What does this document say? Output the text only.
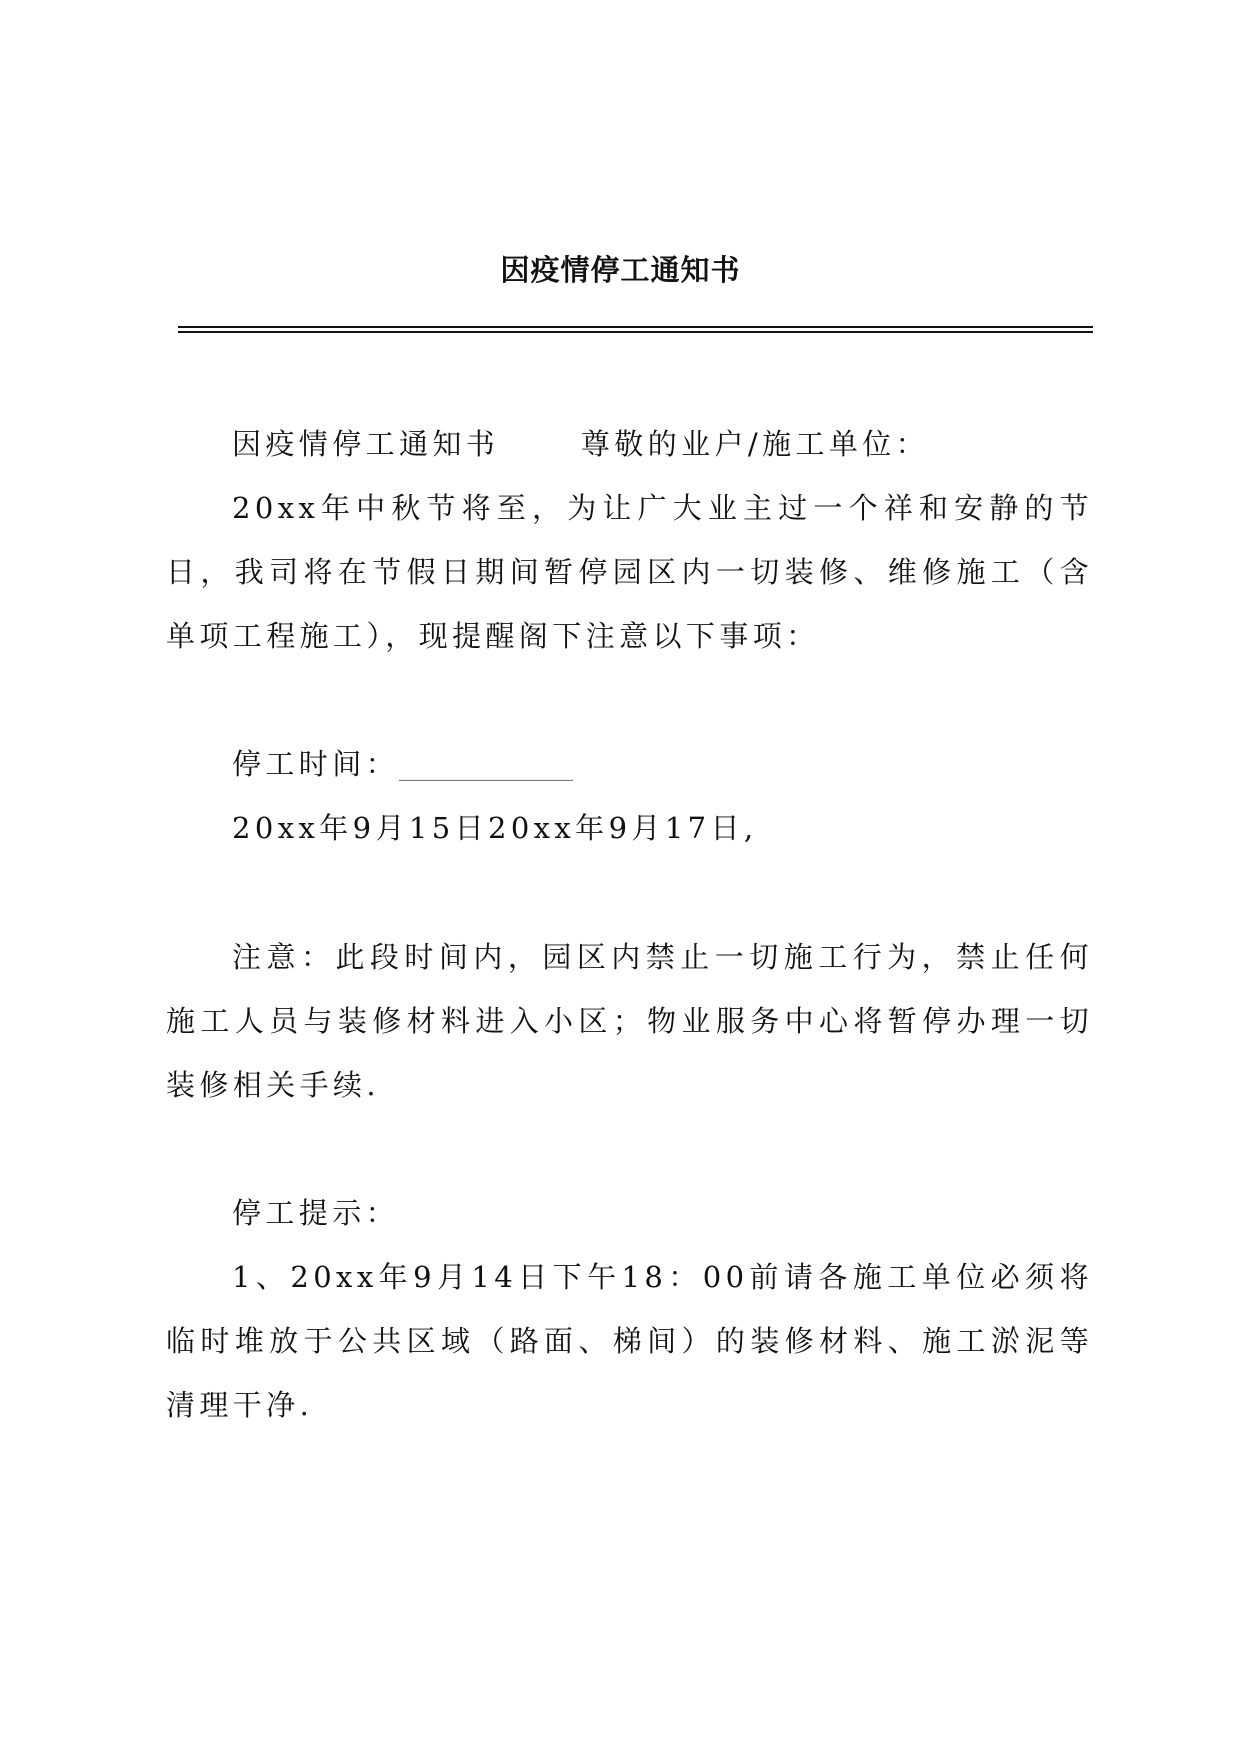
因疫情停工通知书

因疫情停工通知书      尊敬的业户/施工单位：

20xx年中秋节将至，为让广大业主过一个祥和安静的节日，我司将在节假日期间暂停园区内一切装修、维修施工（含单项工程施工），现提醒阁下注意以下事项：

停工时间：____________

20xx年9月15日20xx年9月17日,

注意：此段时间内，园区内禁止一切施工行为，禁止任何施工人员与装修材料进入小区；物业服务中心将暂停办理一切装修相关手续.

停工提示：

1、20xx年9月14日下午18：00前请各施工单位必须将临时堆放于公共区域（路面、梯间）的装修材料、施工淤泥等清理干净.
